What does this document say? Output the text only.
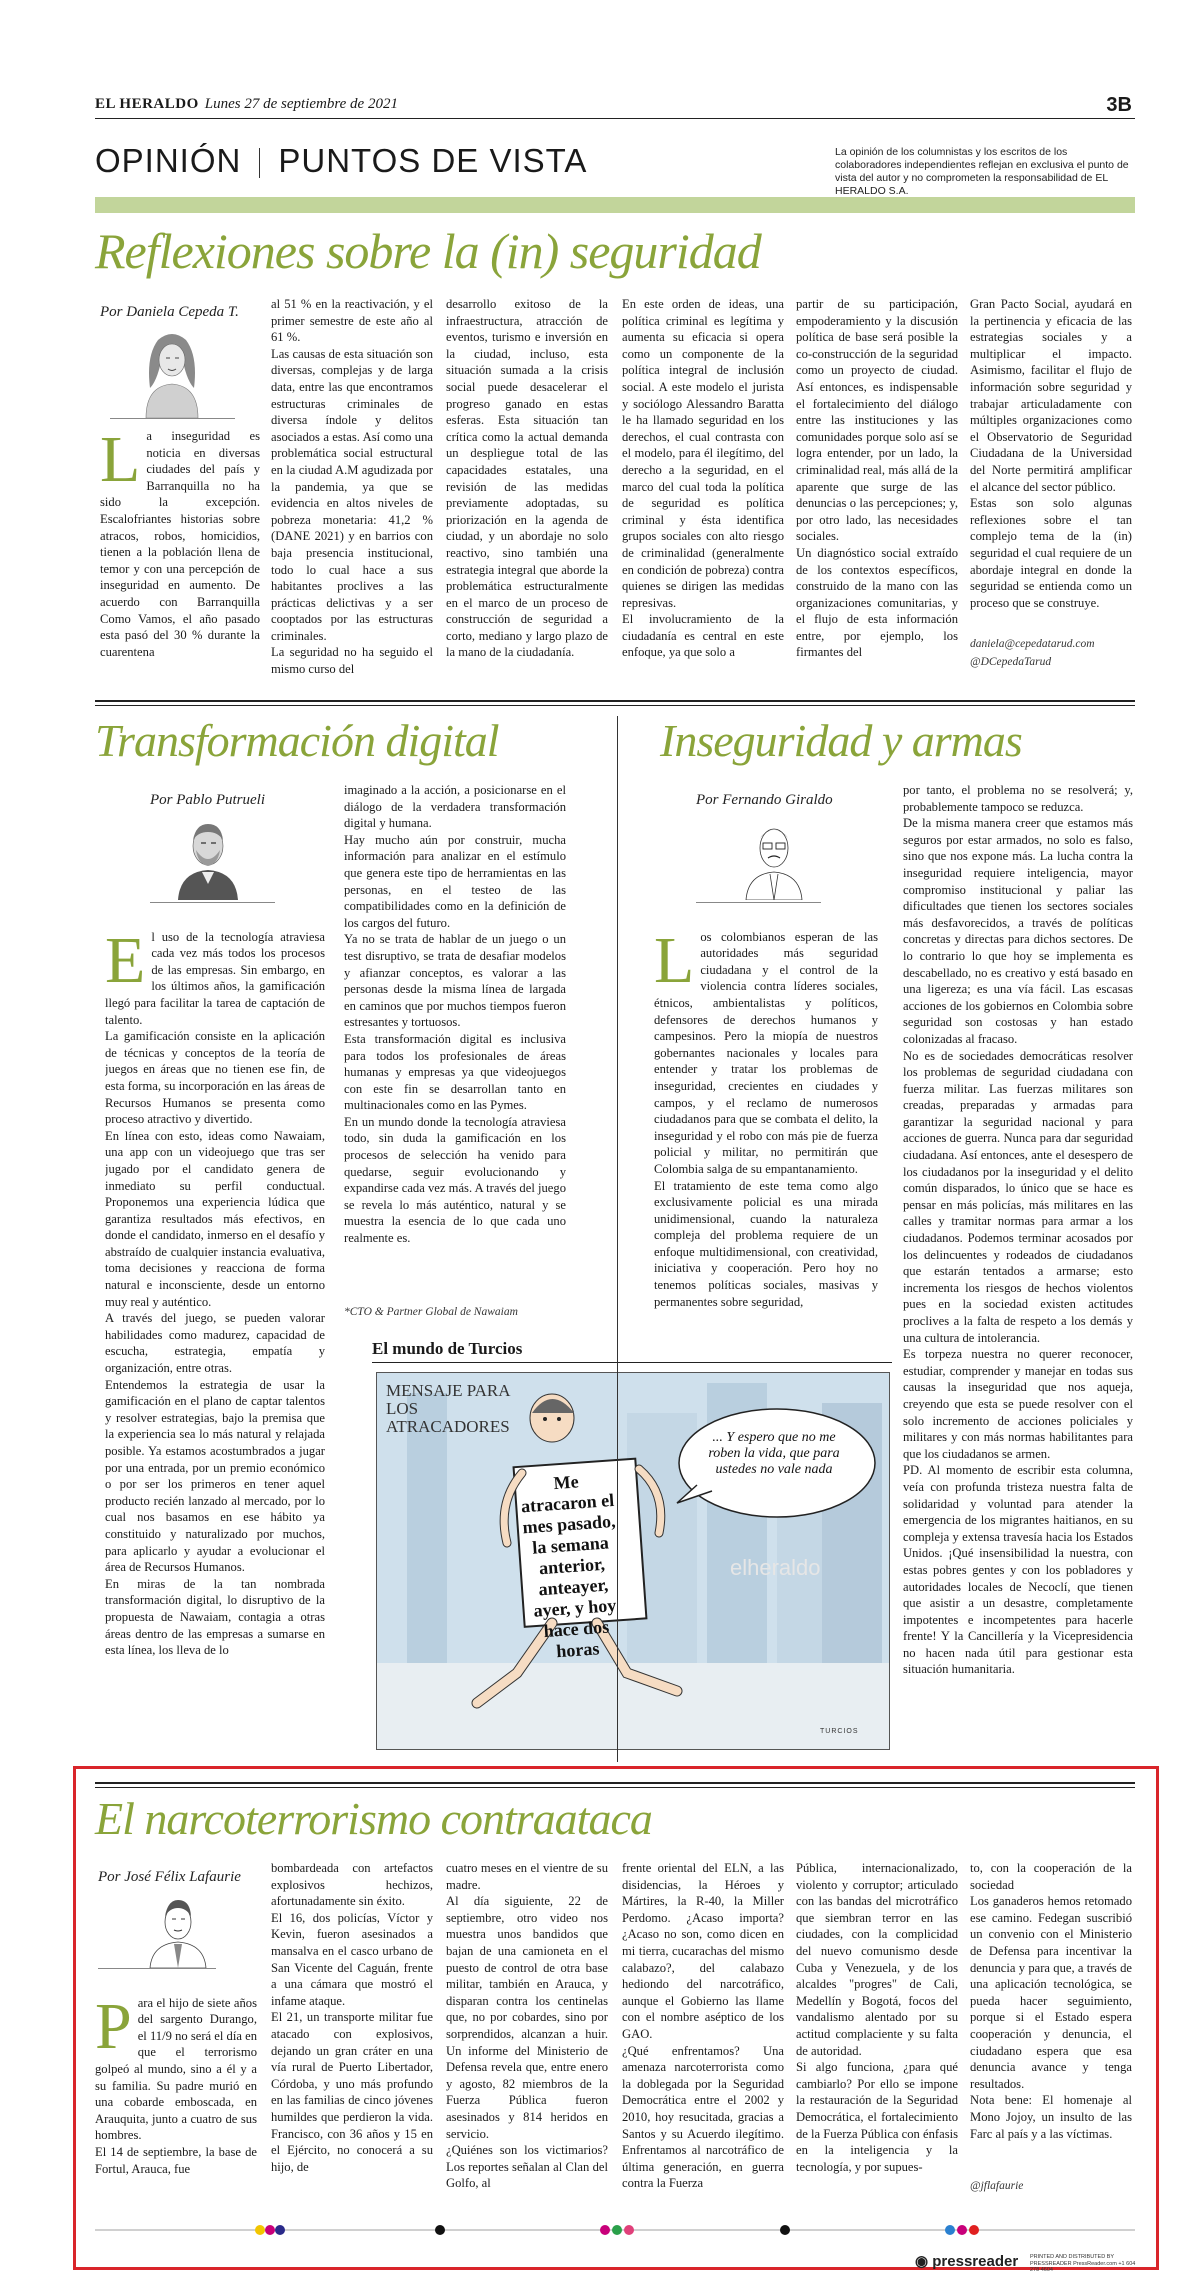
EL HERALDO Lunes 27 de septiembre de 2021	3B
OPINIÓN PUNTOS DE VISTA	La opinión de los columnistas y los escritos de los colaboradores independientes reflejan en exclusiva el punto de vista del autor y no comprometen la responsabilidad de EL HERALDO S.A.
Reflexiones sobre la (in) seguridad
Por Daniela Cepeda T.
L a inseguridad es noticia en diversas ciudades del país y Barranquilla no ha sido la excepción. Escalofriantes historias sobre atracos, robos, homicidios, tienen a la población llena de temor y con una percepción de inseguridad en aumento. De acuerdo con Barranquilla Como Vamos, el año pasado esta pasó del 30 % durante la cuarentena
al 51 % en la reactivación, y el primer semestre de este año al 61 %.
Las causas de esta situación son diversas, complejas y de larga data, entre las que encontramos estructuras criminales de diversa índole y delitos asociados a estas. Así como una problemática social estructural en la ciudad A.M agudizada por la pandemia, ya que se evidencia en altos niveles de pobreza monetaria: 41,2 % (DANE 2021) y en barrios con baja presencia institucional, todo lo cual hace a sus habitantes proclives a las prácticas delictivas y a ser cooptados por las estructuras criminales.
La seguridad no ha seguido el mismo curso del
desarrollo exitoso de la infraestructura, atracción de eventos, turismo e inversión en la ciudad, incluso, esta situación sumada a la crisis social puede desacelerar el progreso ganado en estas esferas. Esta situación tan crítica como la actual demanda un despliegue total de las capacidades estatales, una revisión de las medidas previamente adoptadas, su priorización en la agenda de ciudad, y un abordaje no solo reactivo, sino también una estrategia integral que aborde la problemática estructuralmente en el marco de un proceso de construcción de seguridad a corto, mediano y largo plazo de la mano de la ciudadanía.
En este orden de ideas, una política criminal es legítima y aumenta su eficacia si opera como un componente de la política integral de inclusión social. A este modelo el jurista y sociólogo Alessandro Baratta le ha llamado seguridad en los derechos, el cual contrasta con el modelo, para él ilegítimo, del derecho a la seguridad, en el marco del cual toda la política de seguridad es política criminal y ésta identifica grupos sociales con alto riesgo de criminalidad (generalmente en condición de pobreza) contra quienes se dirigen las medidas represivas.
El involucramiento de la ciudadanía es central en este enfoque, ya que solo a
partir de su participación, empoderamiento y la discusión política de base será posible la co-construcción de la seguridad como un proyecto de ciudad. Así entonces, es indispensable el fortalecimiento del diálogo entre las instituciones y las comunidades porque solo así se logra entender, por un lado, la criminalidad real, más allá de la aparente que surge de las denuncias o las percepciones; y, por otro lado, las necesidades sociales.
Un diagnóstico social extraído de los contextos específicos, construido de la mano con las organizaciones comunitarias, y el flujo de esta información entre, por ejemplo, los firmantes del
Gran Pacto Social, ayudará en la pertinencia y eficacia de las estrategias sociales y a multiplicar el impacto. Asimismo, facilitar el flujo de información sobre seguridad y trabajar articuladamente con múltiples organizaciones como el Observatorio de Seguridad Ciudadana de la Universidad del Norte permitirá amplificar el alcance del sector público.
Estas son solo algunas reflexiones sobre el tan complejo tema de la (in) seguridad el cual requiere de un abordaje integral en donde la seguridad se entienda como un proceso que se construye.
daniela@cepedatarud.com
@DCepedaTarud
Transformación digital
Por Pablo Putrueli

El uso de la tecnología atraviesa cada vez más todos los procesos de las empresas. Sin embargo, en los últimos años, la gamificación llegó para facilitar la tarea de captación de talento.
La gamificación consiste en la aplicación de técnicas y conceptos de la teoría de juegos en áreas que no tienen ese fin, de esta forma, su incorporación en las áreas de Recursos Humanos se presenta como proceso atractivo y divertido.
En línea con esto, ideas como Nawaiam, una app con un videojuego que tras ser jugado por el candidato genera de inmediato su perfil conductual. Proponemos una experiencia lúdica que garantiza resultados más efectivos, en donde el candidato, inmerso en el desafío y abstraído de cualquier instancia evaluativa, toma decisiones y reacciona de forma natural e inconsciente, desde un entorno muy real y auténtico.
A través del juego, se pueden valorar habilidades como madurez, capacidad de escucha, estrategia, empatía y organización, entre otras.
Entendemos la estrategia de usar la gamificación en el plano de captar talentos y resolver estrategias, bajo la premisa que la experiencia sea lo más natural y relajada posible. Ya estamos acostumbrados a jugar por una entrada, por un premio económico o por ser los primeros en tener aquel producto recién lanzado al mercado, por lo cual nos basamos en ese hábito ya constituido y naturalizado por muchos, para aplicarlo y ayudar a evolucionar el área de Recursos Humanos.
En miras de la tan nombrada transformación digital, lo disruptivo de la propuesta de Nawaiam, contagia a otras áreas dentro de las empresas a sumarse en esta línea, los lleva de lo

imaginado a la acción, a posicionarse en el diálogo de la verdadera transformación digital y humana.
Hay mucho aún por construir, mucha información para analizar en el estímulo que genera este tipo de herramientas en las personas, en el testeo de las compatibilidades como en la definición de los cargos del futuro.
Ya no se trata de hablar de un juego o un test disruptivo, se trata de desafiar modelos y afianzar conceptos, es valorar a las personas desde la misma línea de largada en caminos que por muchos tiempos fueron estresantes y tortuosos.
Esta transformación digital es inclusiva para todos los profesionales de áreas humanas y empresas ya que videojuegos con este fin se desarrollan tanto en multinacionales como en las Pymes.
En un mundo donde la tecnología atraviesa todo, sin duda la gamificación en los procesos de selección ha venido para quedarse, seguir evolucionando y expandirse cada vez más. A través del juego se revela lo más auténtico, natural y se muestra la esencia de lo que cada uno realmente es.
*CTO & Partner Global de Nawaiam
El mundo de Turcios
MENSAJE PARA LOS ATRACADORES
Me atracaron el mes pasado, la semana anterior, anteayer, ayer, y hoy hace dos horas
... Y espero que no me roben la vida, que para ustedes no vale nada
elheraldo
TURCIOS
Inseguridad y armas
Por Fernando Giraldo

Los colombianos esperan de las autoridades más seguridad ciudadana y el control de la violencia contra líderes sociales, étnicos, ambientalistas y políticos, defensores de derechos humanos y campesinos. Pero la miopía de nuestros gobernantes nacionales y locales para entender y tratar los problemas de inseguridad, crecientes en ciudades y campos, y el reclamo de numerosos ciudadanos para que se combata el delito, la inseguridad y el robo con más pie de fuerza policial y militar, no permitirán que Colombia salga de su empantanamiento.
El tratamiento de este tema como algo exclusivamente policial es una mirada unidimensional, cuando la naturaleza compleja del problema requiere de un enfoque multidimensional, con creatividad, iniciativa y cooperación. Pero hoy no tenemos políticas sociales, masivas y permanentes sobre seguridad,

por tanto, el problema no se resolverá; y, probablemente tampoco se reduzca.
De la misma manera creer que estamos más seguros por estar armados, no solo es falso, sino que nos expone más. La lucha contra la inseguridad requiere inteligencia, mayor compromiso institucional y paliar las dificultades que tienen los sectores sociales más desfavorecidos, a través de políticas concretas y directas para dichos sectores. De lo contrario lo que hoy se implementa es descabellado, no es creativo y está basado en una ligereza; es una vía fácil. Las escasas acciones de los gobiernos en Colombia sobre seguridad son costosas y han estado colonizadas al fracaso.
No es de sociedades democráticas resolver los problemas de seguridad ciudadana con fuerza militar. Las fuerzas militares son creadas, preparadas y armadas para garantizar la seguridad nacional y para acciones de guerra. Nunca para dar seguridad ciudadana. Así entonces, ante el desespero de los ciudadanos por la inseguridad y el delito común disparados, lo único que se hace es pensar en más policías, más militares en las calles y tramitar normas para armar a los ciudadanos. Podemos terminar acosados por los delincuentes y rodeados de ciudadanos que estarán tentados a armarse; esto incrementa los riesgos de hechos violentos pues en la sociedad existen actitudes proclives a la falta de respeto a los demás y una cultura de intolerancia.
Es torpeza nuestra no querer reconocer, estudiar, comprender y manejar en todas sus causas la inseguridad que nos aqueja, creyendo que esta se puede resolver con el solo incremento de acciones policiales y militares y con más normas habilitantes para que los ciudadanos se armen.
PD. Al momento de escribir esta columna, veía con profunda tristeza nuestra falta de solidaridad y voluntad para atender la emergencia de los migrantes haitianos, en su compleja y extensa travesía hacia los Estados Unidos. ¡Qué insensibilidad la nuestra, con estas pobres gentes y con los pobladores y autoridades locales de Necoclí, que tienen que asistir a un desastre, completamente impotentes e incompetentes para hacerle frente! Y la Cancillería y la Vicepresidencia no hacen nada útil para gestionar esta situación humanitaria.
El narcoterrorismo contraataca
Por José Félix Lafaurie

Para el hijo de siete años del sargento Durango, el 11/9 no será el día en que el terrorismo golpeó al mundo, sino a él y a su familia. Su padre murió en una cobarde emboscada, en Arauquita, junto a cuatro de sus hombres.
El 14 de septiembre, la base de Fortul, Arauca, fue

bombardeada con artefactos explosivos hechizos, afortunadamente sin éxito.
El 16, dos policías, Víctor y Kevin, fueron asesinados a mansalva en el casco urbano de San Vicente del Caguán, frente a una cámara que mostró el infame ataque.
El 21, un transporte militar fue atacado con explosivos, dejando un gran cráter en una vía rural de Puerto Libertador, Córdoba, y uno más profundo en las familias de cinco jóvenes humildes que perdieron la vida. Francisco, con 36 años y 15 en el Ejército, no conocerá a su hijo, de
cuatro meses en el vientre de su madre.
Al día siguiente, 22 de septiembre, otro video nos muestra unos bandidos que bajan de una camioneta en el puesto de control de otra base militar, también en Arauca, y disparan contra los centinelas que, no por cobardes, sino por sorprendidos, alcanzan a huir. Un informe del Ministerio de Defensa revela que, entre enero y agosto, 82 miembros de la Fuerza Pública fueron asesinados y 814 heridos en servicio.
¿Quiénes son los victimarios? Los reportes señalan al Clan del Golfo, al
frente oriental del ELN, a las disidencias, la Héroes y Mártires, la R-40, la Miller Perdomo. ¿Acaso importa? ¿Acaso no son, como dicen en mi tierra, cucarachas del mismo calabazo?, del calabazo hediondo del narcotráfico, aunque el Gobierno las llame con el nombre aséptico de los GAO.
¿Qué enfrentamos? Una amenaza narcoterrorista como la doblegada por la Seguridad Democrática entre el 2002 y 2010, hoy resucitada, gracias a Santos y su Acuerdo ilegítimo. Enfrentamos al narcotráfico de última generación, en guerra contra la Fuerza
Pública, internacionalizado, violento y corruptor; articulado con las bandas del microtráfico que siembran terror en las ciudades, con la complicidad del nuevo comunismo desde Cuba y Venezuela, y de los alcaldes "progres" de Cali, Medellín y Bogotá, focos del vandalismo alentado por su actitud complaciente y su falta de autoridad.
Si algo funciona, ¿para qué cambiarlo? Por ello se impone la restauración de la Seguridad Democrática, el fortalecimiento de la Fuerza Pública con énfasis en la inteligencia y la tecnología, y por supues-
to, con la cooperación de la sociedad
Los ganaderos hemos retomado ese camino. Fedegan suscribió un convenio con el Ministerio de Defensa para incentivar la denuncia y para que, a través de una aplicación tecnológica, se pueda hacer seguimiento, porque si el Estado espera cooperación y denuncia, el ciudadano espera que esa denuncia avance y tenga resultados.
Nota bene: El homenaje al Mono Jojoy, un insulto de las Farc al país y a las víctimas.
@jflafaurie
◉ pressreader PRINTED AND DISTRIBUTED BY PRESSREADER PressReader.com +1 604 278 4604
